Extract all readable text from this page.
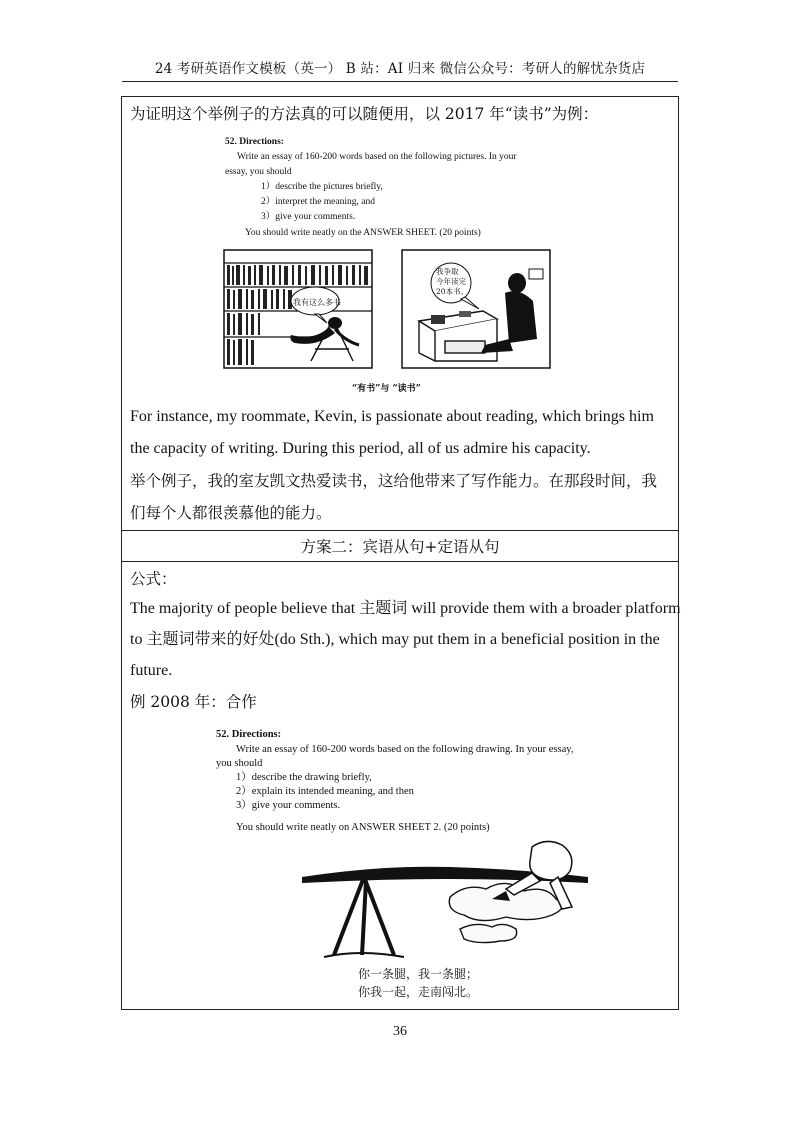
24 考研英语作文模板（英一） B 站：AI 归来 微信公众号：考研人的解忧杂货店
为证明这个举例子的方法真的可以随便用，以 2017 年“读书”为例：
52. Directions:
Write an essay of 160-200 words based on the following pictures. In your
essay, you should
1）describe the pictures briefly,
2）interpret the meaning, and
3）give your comments.
You should write neatly on the ANSWER SHEET. (20 points)
我有这么多书
我争取
今年读完
20本书。
“有书”与 “读书”
For instance, my roommate, Kevin, is passionate about reading, which brings him
the capacity of writing. During this period, all of us admire his capacity.
举个例子，我的室友凯文热爱读书，这给他带来了写作能力。在那段时间，我
们每个人都很羡慕他的能力。
方案二：宾语从句+定语从句
公式：
The majority of people believe that 主题词 will provide them with a broader platform
to 主题词带来的好处(do Sth.), which may put them in a beneficial position in the
future.
例 2008 年：合作
52. Directions:
Write an essay of 160-200 words based on the following drawing. In your essay,
you should
1）describe the drawing briefly,
2）explain its intended meaning, and then
3）give your comments.
You should write neatly on ANSWER SHEET 2. (20 points)
你一条腿，我一条腿；
你我一起，走南闯北。
36
